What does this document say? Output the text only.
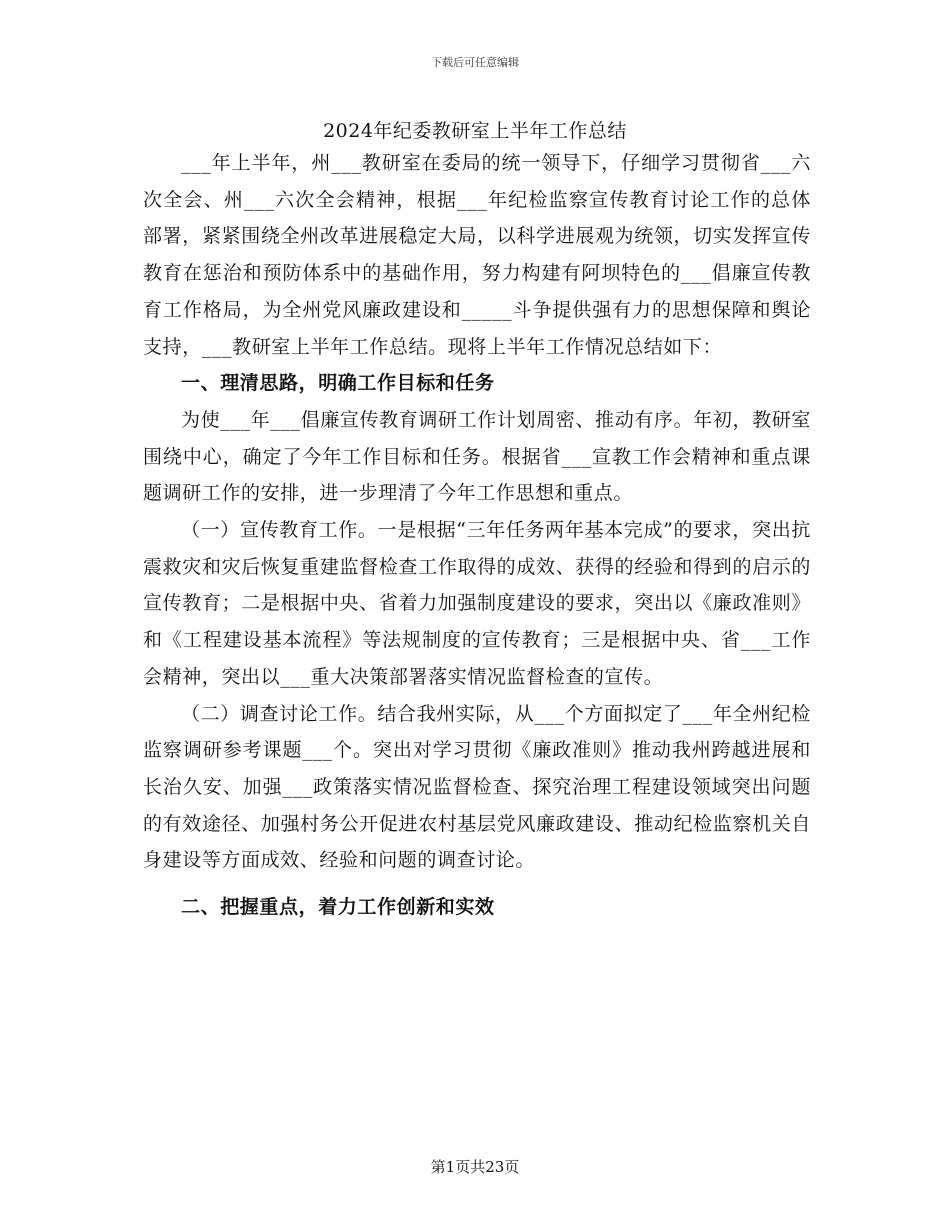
下载后可任意编辑
2024年纪委教研室上半年工作总结

___年上半年，州___教研室在委局的统一领导下，仔细学习贯彻省___六次全会、州___六次全会精神，根据___年纪检监察宣传教育讨论工作的总体部署，紧紧围绕全州改革进展稳定大局，以科学进展观为统领，切实发挥宣传教育在惩治和预防体系中的基础作用，努力构建有阿坝特色的___倡廉宣传教育工作格局，为全州党风廉政建设和_____斗争提供强有力的思想保障和舆论支持，___教研室上半年工作总结。现将上半年工作情况总结如下：

一、理清思路，明确工作目标和任务

为使___年___倡廉宣传教育调研工作计划周密、推动有序。年初，教研室围绕中心，确定了今年工作目标和任务。根据省___宣教工作会精神和重点课题调研工作的安排，进一步理清了今年工作思想和重点。

（一）宣传教育工作。一是根据“三年任务两年基本完成”的要求，突出抗震救灾和灾后恢复重建监督检查工作取得的成效、获得的经验和得到的启示的宣传教育；二是根据中央、省着力加强制度建设的要求，突出以《廉政准则》和《工程建设基本流程》等法规制度的宣传教育；三是根据中央、省___工作会精神，突出以___重大决策部署落实情况监督检查的宣传。

（二）调查讨论工作。结合我州实际，从___个方面拟定了___年全州纪检监察调研参考课题___个。突出对学习贯彻《廉政准则》推动我州跨越进展和长治久安、加强___政策落实情况监督检查、探究治理工程建设领域突出问题的有效途径、加强村务公开促进农村基层党风廉政建设、推动纪检监察机关自身建设等方面成效、经验和问题的调查讨论。

二、把握重点，着力工作创新和实效

第1页共23页
